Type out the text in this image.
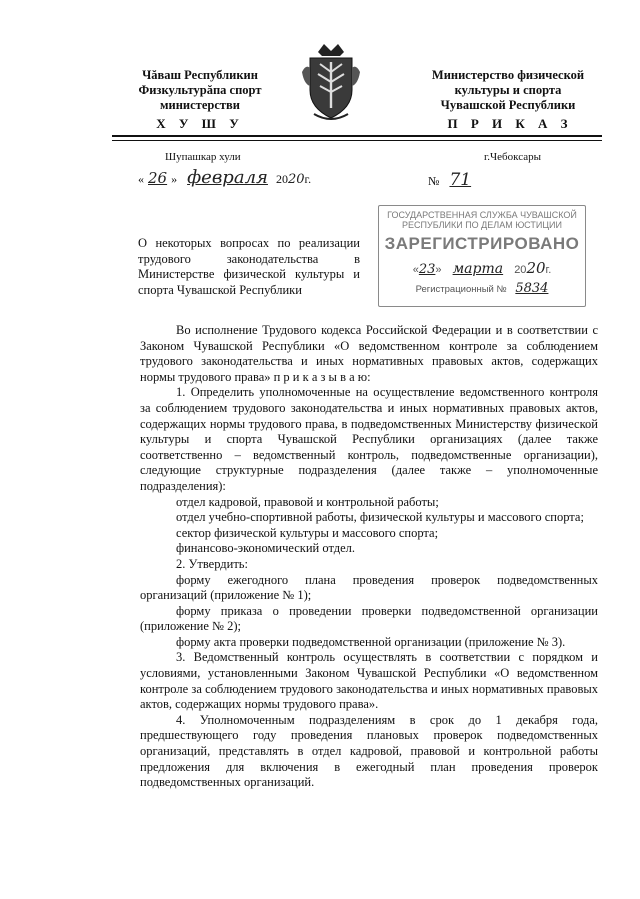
Чăваш Республикин
Физкультурăпа спорт
министерстви
Х У Ш У
Министерство физической
культуры и спорта
Чувашской Республики
П Р И К А З
Шупашкар хули	г.Чебоксары
« 26 » февраля 2020г.	№ 71
ГОСУДАРСТВЕННАЯ СЛУЖБА ЧУВАШСКОЙ
РЕСПУБЛИКИ ПО ДЕЛАМ ЮСТИЦИИ
ЗАРЕГИСТРИРОВАНО
«23» марта 2020г.
Регистрационный № 5834
О некоторых вопросах по реализации трудового законодательства в Министерстве физической культуры и спорта Чувашской Республики

Во исполнение Трудового кодекса Российской Федерации и в соответствии с Законом Чувашской Республики «О ведомственном контроле за соблюдением трудового законодательства и иных нормативных правовых актов, содержащих нормы трудового права» п р и к а з ы в а ю:

1. Определить уполномоченные на осуществление ведомственного контроля за соблюдением трудового законодательства и иных нормативных правовых актов, содержащих нормы трудового права, в подведомственных Министерству физической культуры и спорта Чувашской Республики организациях (далее также соответственно – ведомственный контроль, подведомственные организации), следующие структурные подразделения (далее также – уполномоченные подразделения):

отдел кадровой, правовой и контрольной работы;

отдел учебно-спортивной работы, физической культуры и массового спорта;

сектор физической культуры и массового спорта;

финансово-экономический отдел.

2. Утвердить:

форму ежегодного плана проведения проверок подведомственных организаций (приложение № 1);

форму приказа о проведении проверки подведомственной организации (приложение № 2);

форму акта проверки подведомственной организации (приложение № 3).

3. Ведомственный контроль осуществлять в соответствии с порядком и условиями, установленными Законом Чувашской Республики «О ведомственном контроле за соблюдением трудового законодательства и иных нормативных правовых актов, содержащих нормы трудового права».

4. Уполномоченным подразделениям в срок до 1 декабря года, предшествующего году проведения плановых проверок подведомственных организаций, представлять в отдел кадровой, правовой и контрольной работы предложения для включения в ежегодный план проведения проверок подведомственных организаций.
